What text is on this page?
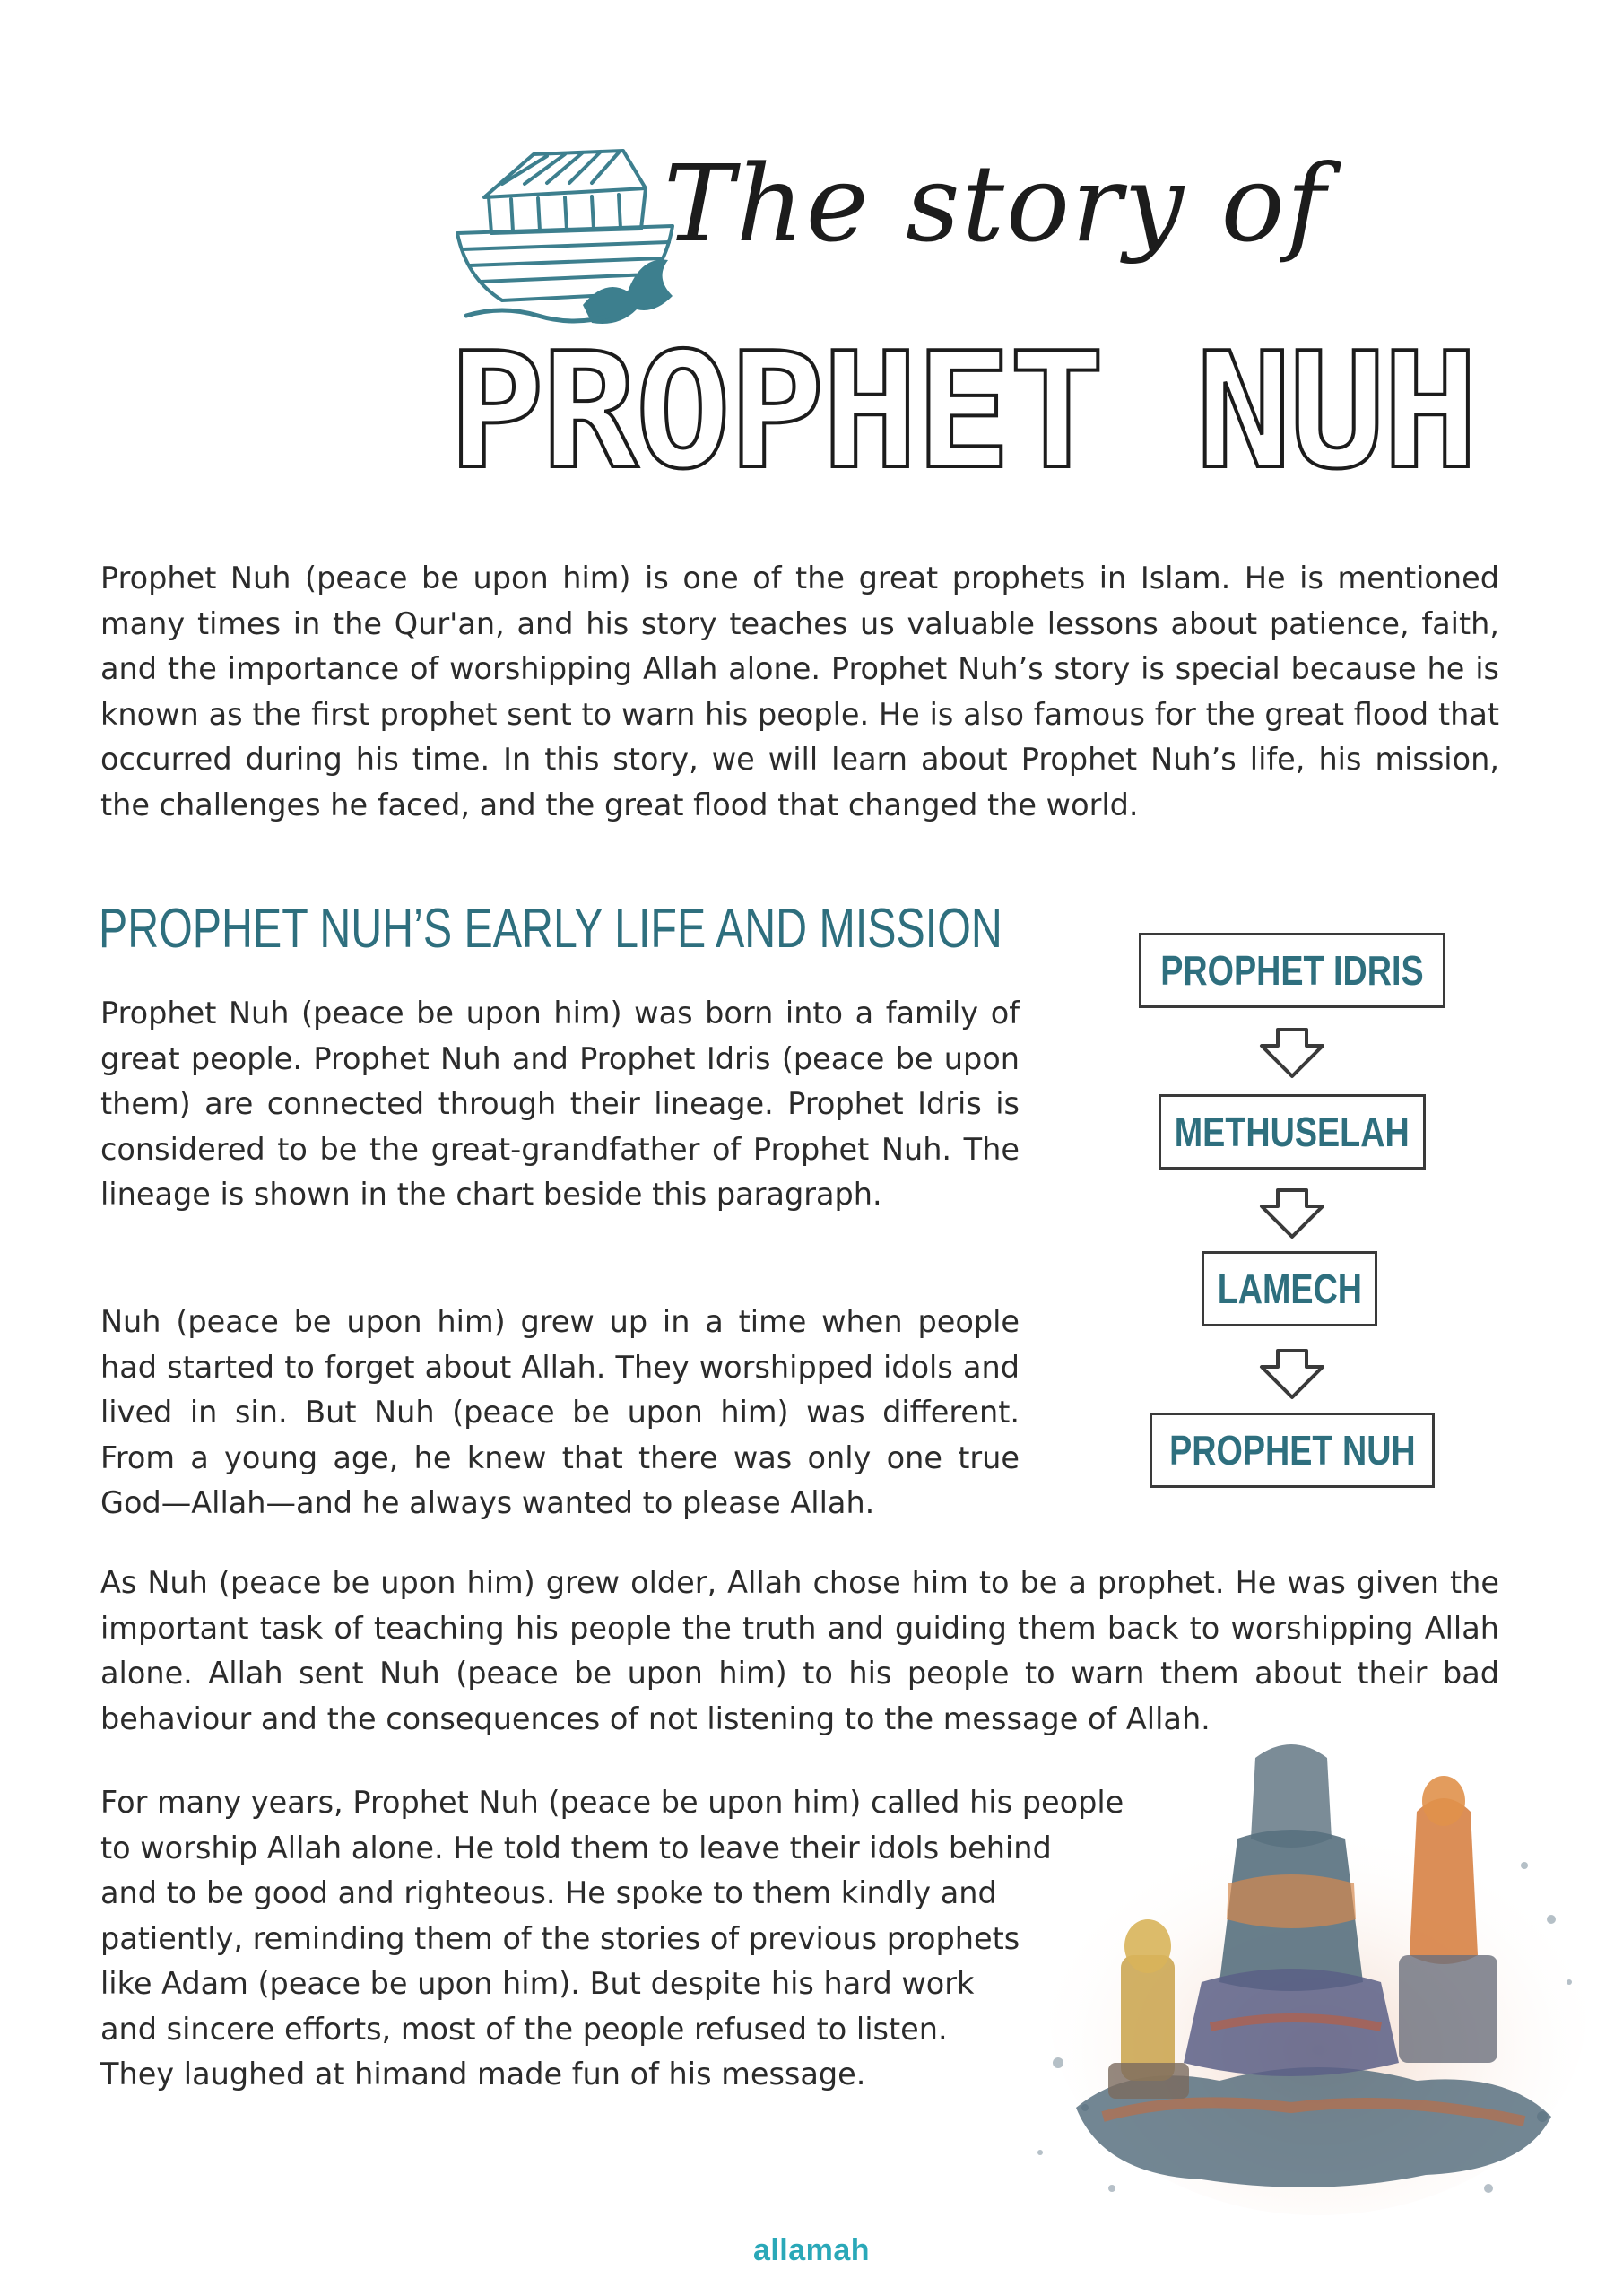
The story of
PROPHET NUH

Prophet Nuh (peace be upon him) is one of the great prophets in Islam. He is mentioned many times in the Qur'an, and his story teaches us valuable lessons about patience, faith, and the importance of worshipping Allah alone. Prophet Nuh’s story is special because he is known as the first prophet sent to warn his people. He is also famous for the great flood that occurred during his time. In this story, we will learn about Prophet Nuh’s life, his mission, the challenges he faced, and the great flood that changed the world.

PROPHET NUH’S EARLY LIFE AND MISSION

Prophet Nuh (peace be upon him) was born into a family of great people. Prophet Nuh and Prophet Idris (peace be upon them) are connected through their lineage. Prophet Idris is considered to be the great-grandfather of Prophet Nuh. The lineage is shown in the chart beside this paragraph.

Nuh (peace be upon him) grew up in a time when people had started to forget about Allah. They worshipped idols and lived in sin. But Nuh (peace be upon him) was different. From a young age, he knew that there was only one true God—Allah—and he always wanted to please Allah.

As Nuh (peace be upon him) grew older, Allah chose him to be a prophet. He was given the important task of teaching his people the truth and guiding them back to worshipping Allah alone. Allah sent Nuh (peace be upon him) to his people to warn them about their bad behaviour and the consequences of not listening to the message of Allah.

For many years, Prophet Nuh (peace be upon him) called his people
to worship Allah alone. He told them to leave their idols behind
and to be good and righteous. He spoke to them kindly and
patiently, reminding them of the stories of previous prophets
like Adam (peace be upon him). But despite his hard work
and sincere efforts, most of the people refused to listen.
They laughed at himand made fun of his message.

PROPHET IDRIS
METHUSELAH
LAMECH
PROPHET NUH
allamah
